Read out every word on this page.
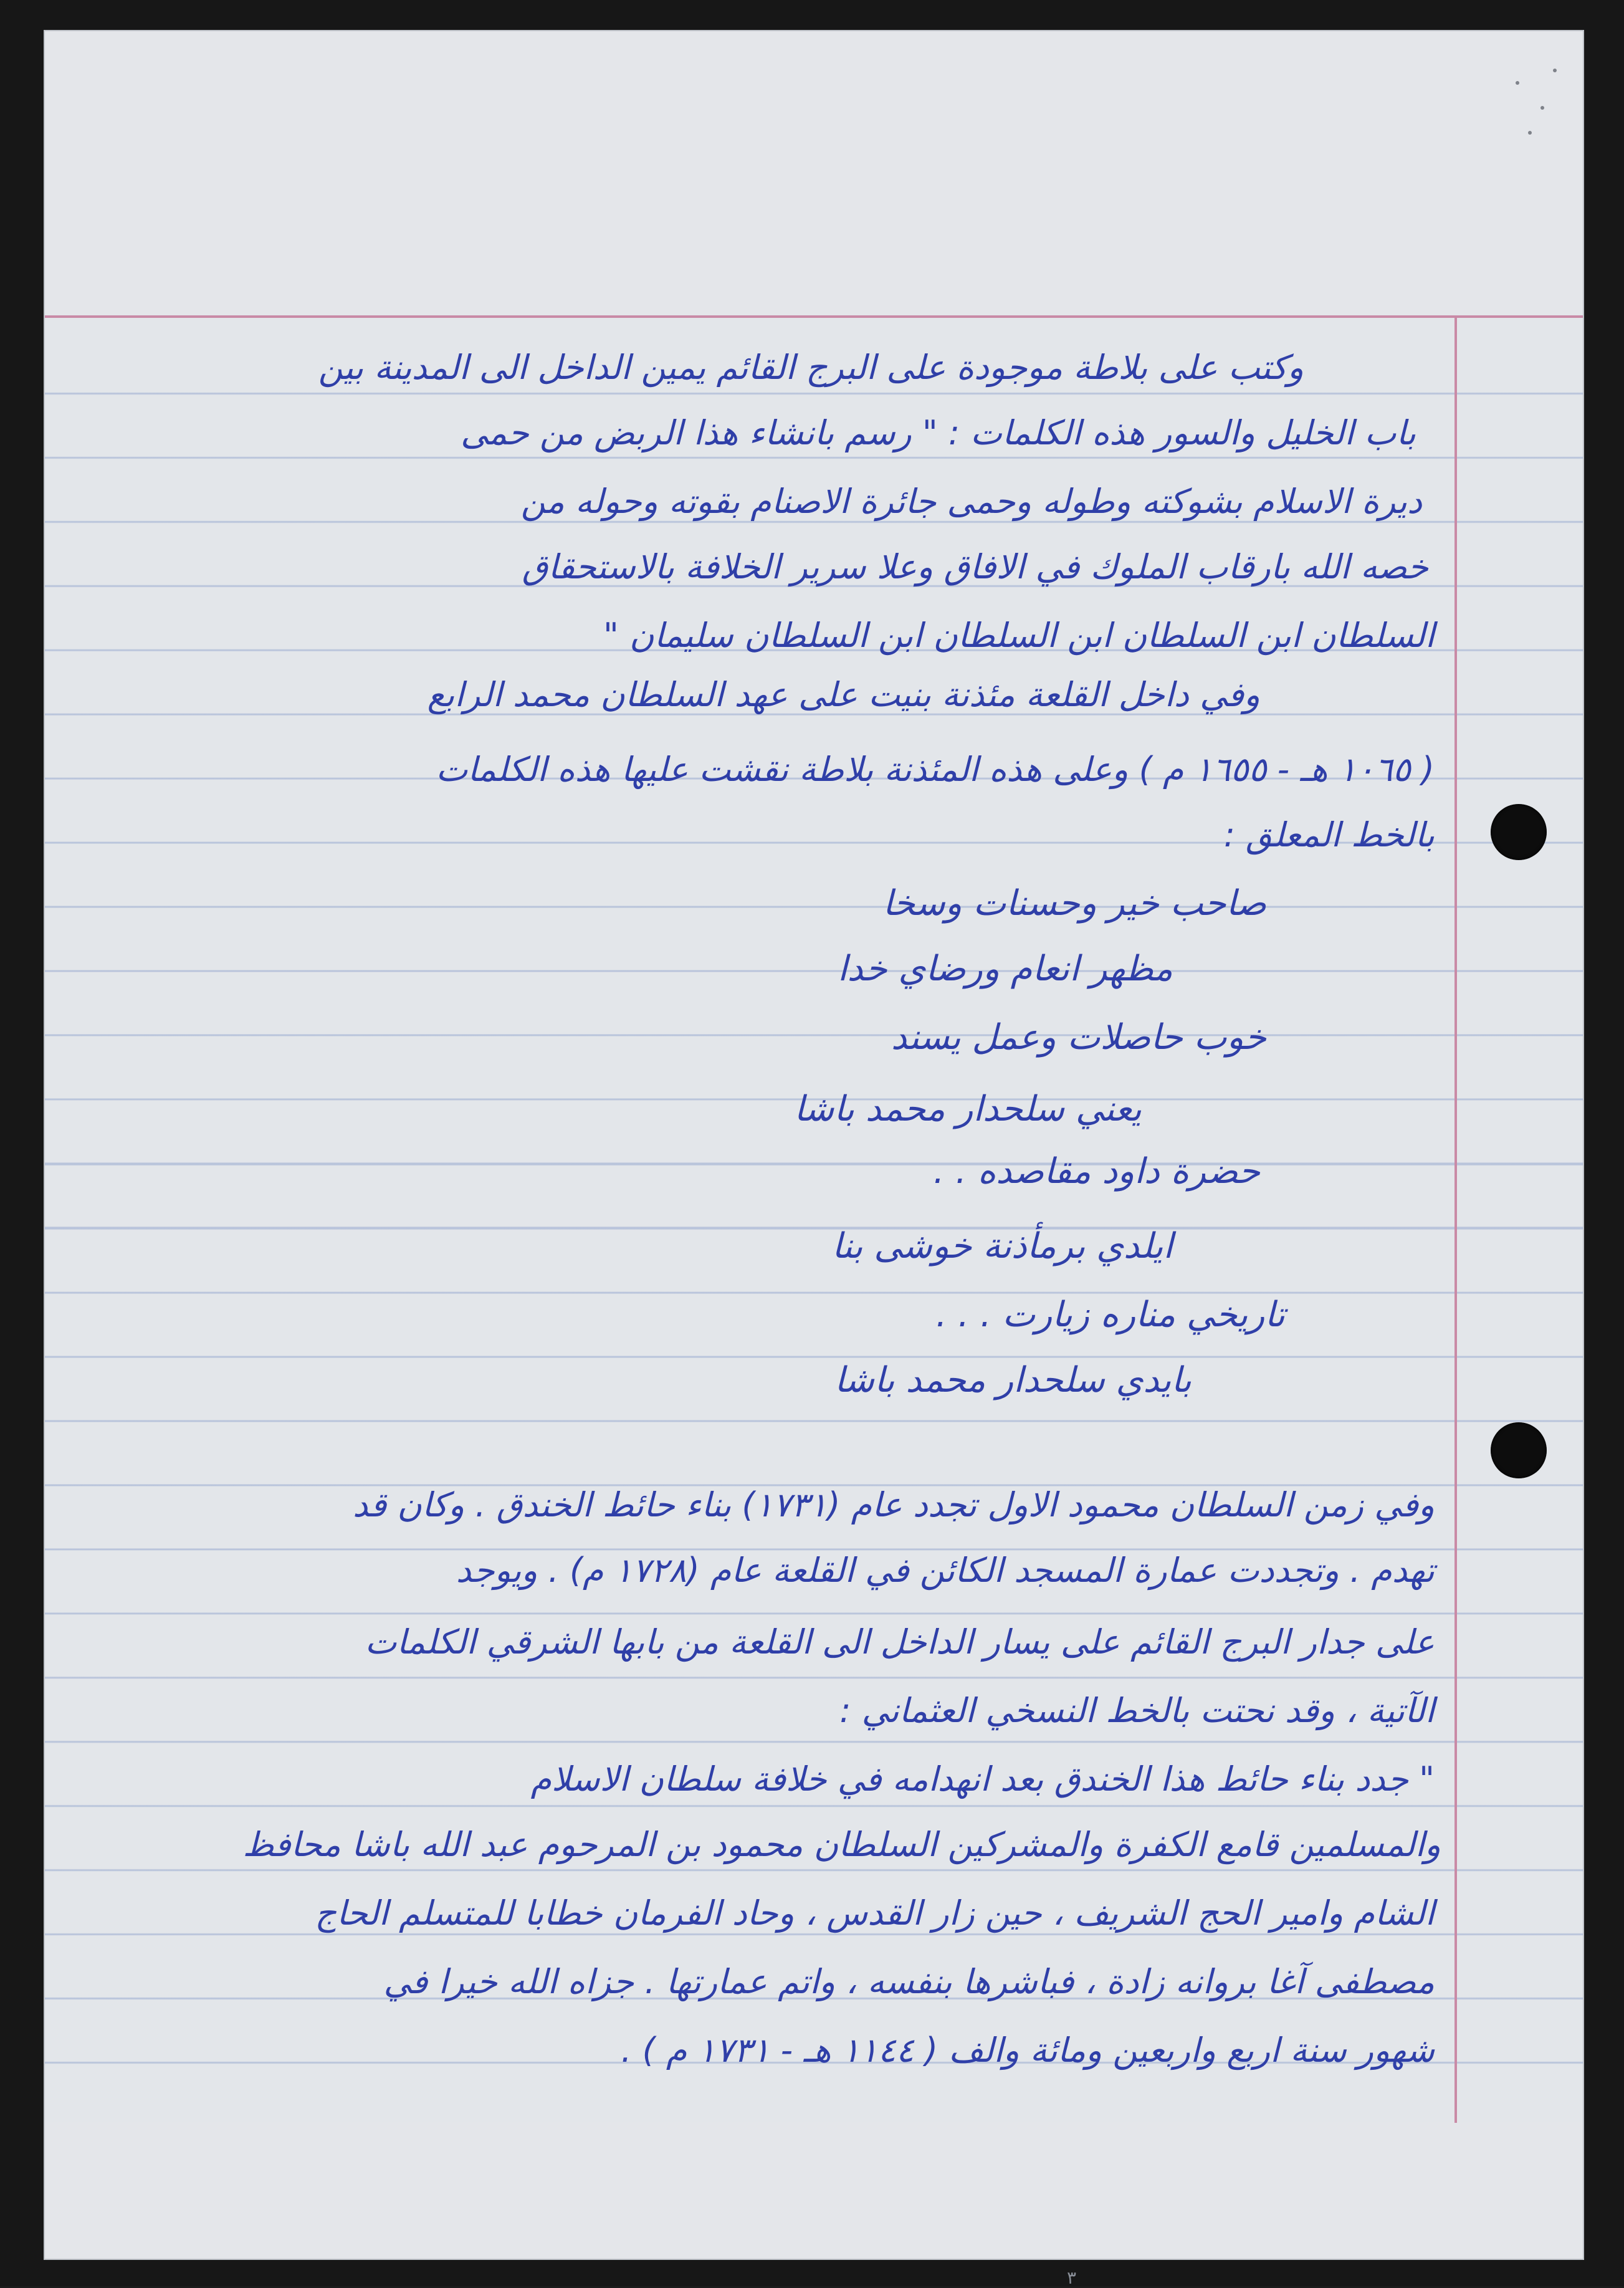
وكتب على بلاطة موجودة على البرج القائم يمين الداخل الى المدينة بين
باب الخليل والسور هذه الكلمات : " رسم بانشاء هذا الربض من حمى
ديرة الاسلام بشوكته وطوله وحمى جائرة الاصنام بقوته وحوله من
خصه الله بارقاب الملوك في الافاق وعلا سرير الخلافة بالاستحقاق
السلطان ابن السلطان ابن السلطان ابن السلطان سليمان "
وفي داخل القلعة مئذنة بنيت على عهد السلطان محمد الرابع
( ١٠٦٥ هـ - ١٦٥٥ م ) وعلى هذه المئذنة بلاطة نقشت عليها هذه الكلمات
بالخط المعلق :
صاحب خير وحسنات وسخا
مظهر انعام ورضاي خدا
خوب حاصلات وعمل يسند
يعني سلحدار محمد باشا
حضرة داود مقاصده . .
ايلدي برمأذنة خوشى بنا
تاريخي مناره زيارت . . .
بايدي سلحدار محمد باشا
وفي زمن السلطان محمود الاول تجدد عام (١٧٣١) بناء حائط الخندق . وكان قد
تهدم . وتجددت عمارة المسجد الكائن في القلعة عام (١٧٢٨ م) . ويوجد
على جدار البرج القائم على يسار الداخل الى القلعة من بابها الشرقي الكلمات
الآتية ، وقد نحتت بالخط النسخي العثماني :
" جدد بناء حائط هذا الخندق بعد انهدامه في خلافة سلطان الاسلام
والمسلمين قامع الكفرة والمشركين السلطان محمود بن المرحوم عبد الله باشا محافظ
الشام وامير الحج الشريف ، حين زار القدس ، وحاد الفرمان خطابا للمتسلم الحاج
مصطفى آغا بروانه زادة ، فباشرها بنفسه ، واتم عمارتها . جزاه الله خيرا في
شهور سنة اربع واربعين ومائة والف ( ١١٤٤ هـ - ١٧٣١ م ) .
٣
